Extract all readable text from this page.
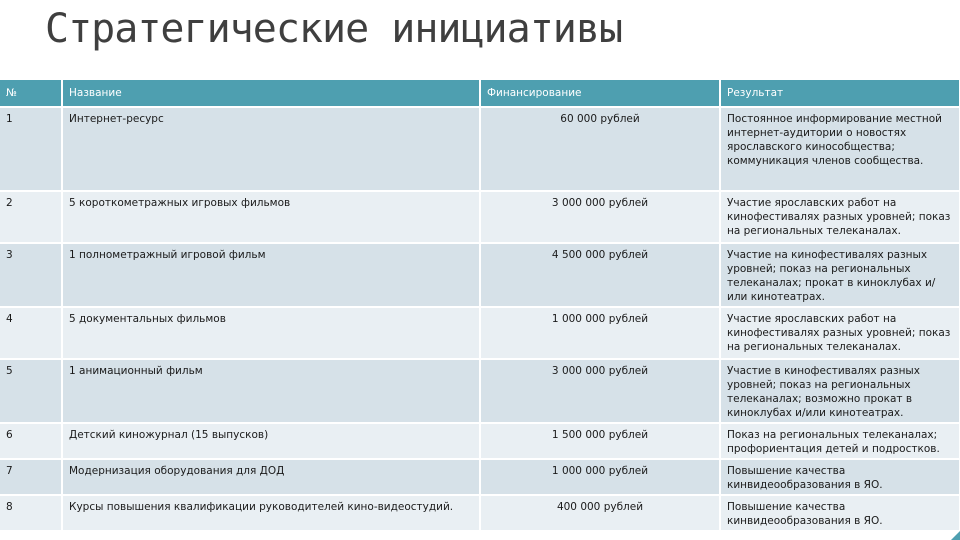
Стратегические инициативы
№	Название	Финансирование	Результат
1	Интернет-ресурс	60 000 рублей	Постоянное информирование местной интернет-аудитории о новостях ярославского кинособщества; коммуникация членов сообщества.
2	5 короткометражных игровых фильмов	3 000 000 рублей	Участие ярославских работ на кинофестивалях разных уровней; показ на региональных телеканалах.
3	1 полнометражный игровой фильм	4 500 000 рублей	Участие на кинофестивалях разных уровней; показ на региональных телеканалах; прокат в киноклубах и/или кинотеатрах.
4	5 документальных фильмов	1 000 000 рублей	Участие ярославских работ на кинофестивалях разных уровней; показ на региональных телеканалах.
5	1 анимационный фильм	3 000 000 рублей	Участие в кинофестивалях разных уровней; показ на региональных телеканалах; возможно прокат в киноклубах и/или кинотеатрах.
6	Детский киножурнал (15 выпусков)	1 500 000 рублей	Показ на региональных телеканалах; профориентация детей и подростков.
7	Модернизация оборудования для ДОД	1 000 000 рублей	Повышение качества кинвидеообразования в ЯО.
8	Курсы повышения квалификации руководителей кино-видеостудий.	400 000 рублей	Повышение качества кинвидеообразования в ЯО.
